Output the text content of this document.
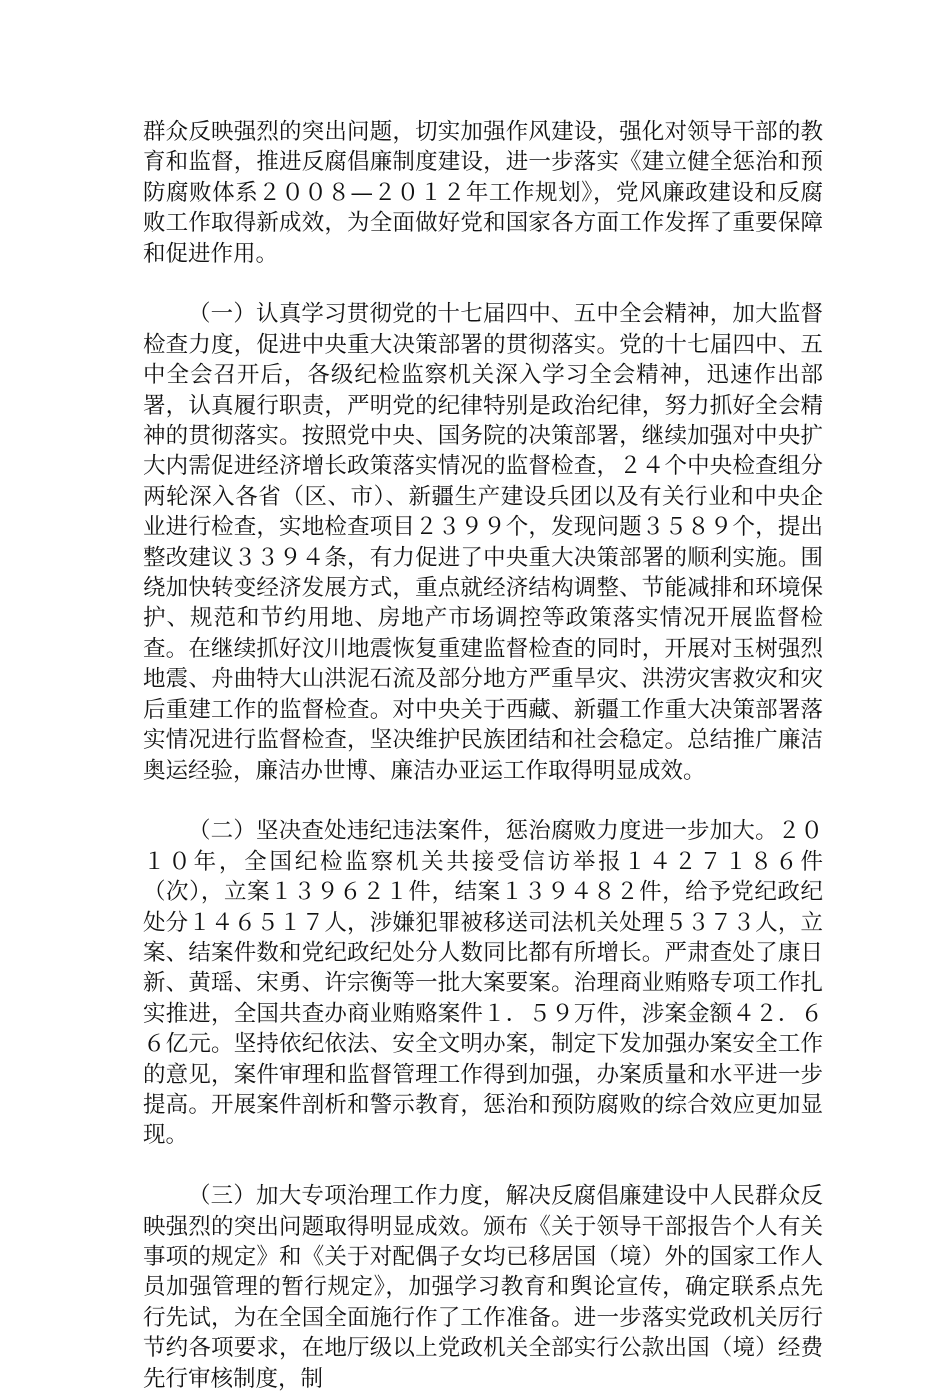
群众反映强烈的突出问题，切实加强作风建设，强化对领导干部的教育和监督，推进反腐倡廉制度建设，进一步落实《建立健全惩治和预防腐败体系２００８—２０１２年工作规划》，党风廉政建设和反腐败工作取得新成效，为全面做好党和国家各方面工作发挥了重要保障和促进作用。

（一）认真学习贯彻党的十七届四中、五中全会精神，加大监督检查力度，促进中央重大决策部署的贯彻落实。党的十七届四中、五中全会召开后，各级纪检监察机关深入学习全会精神，迅速作出部署，认真履行职责，严明党的纪律特别是政治纪律，努力抓好全会精神的贯彻落实。按照党中央、国务院的决策部署，继续加强对中央扩大内需促进经济增长政策落实情况的监督检查，２４个中央检查组分两轮深入各省（区、市）、新疆生产建设兵团以及有关行业和中央企业进行检查，实地检查项目２３９９个，发现问题３５８９个，提出整改建议３３９４条，有力促进了中央重大决策部署的顺利实施。围绕加快转变经济发展方式，重点就经济结构调整、节能减排和环境保护、规范和节约用地、房地产市场调控等政策落实情况开展监督检查。在继续抓好汶川地震恢复重建监督检查的同时，开展对玉树强烈地震、舟曲特大山洪泥石流及部分地方严重旱灾、洪涝灾害救灾和灾后重建工作的监督检查。对中央关于西藏、新疆工作重大决策部署落实情况进行监督检查，坚决维护民族团结和社会稳定。总结推广廉洁奥运经验，廉洁办世博、廉洁办亚运工作取得明显成效。

（二）坚决查处违纪违法案件，惩治腐败力度进一步加大。２０１０年，全国纪检监察机关共接受信访举报１４２７１８６件（次），立案１３９６２１件，结案１３９４８２件，给予党纪政纪处分１４６５１７人，涉嫌犯罪被移送司法机关处理５３７３人，立案、结案件数和党纪政纪处分人数同比都有所增长。严肃查处了康日新、黄瑶、宋勇、许宗衡等一批大案要案。治理商业贿赂专项工作扎实推进，全国共查办商业贿赂案件１．５９万件，涉案金额４２．６６亿元。坚持依纪依法、安全文明办案，制定下发加强办案安全工作的意见，案件审理和监督管理工作得到加强，办案质量和水平进一步提高。开展案件剖析和警示教育，惩治和预防腐败的综合效应更加显现。

（三）加大专项治理工作力度，解决反腐倡廉建设中人民群众反映强烈的突出问题取得明显成效。颁布《关于领导干部报告个人有关事项的规定》和《关于对配偶子女均已移居国（境）外的国家工作人员加强管理的暂行规定》，加强学习教育和舆论宣传，确定联系点先行先试，为在全国全面施行作了工作准备。进一步落实党政机关厉行节约各项要求，在地厅级以上党政机关全部实行公款出国（境）经费先行审核制度，制
